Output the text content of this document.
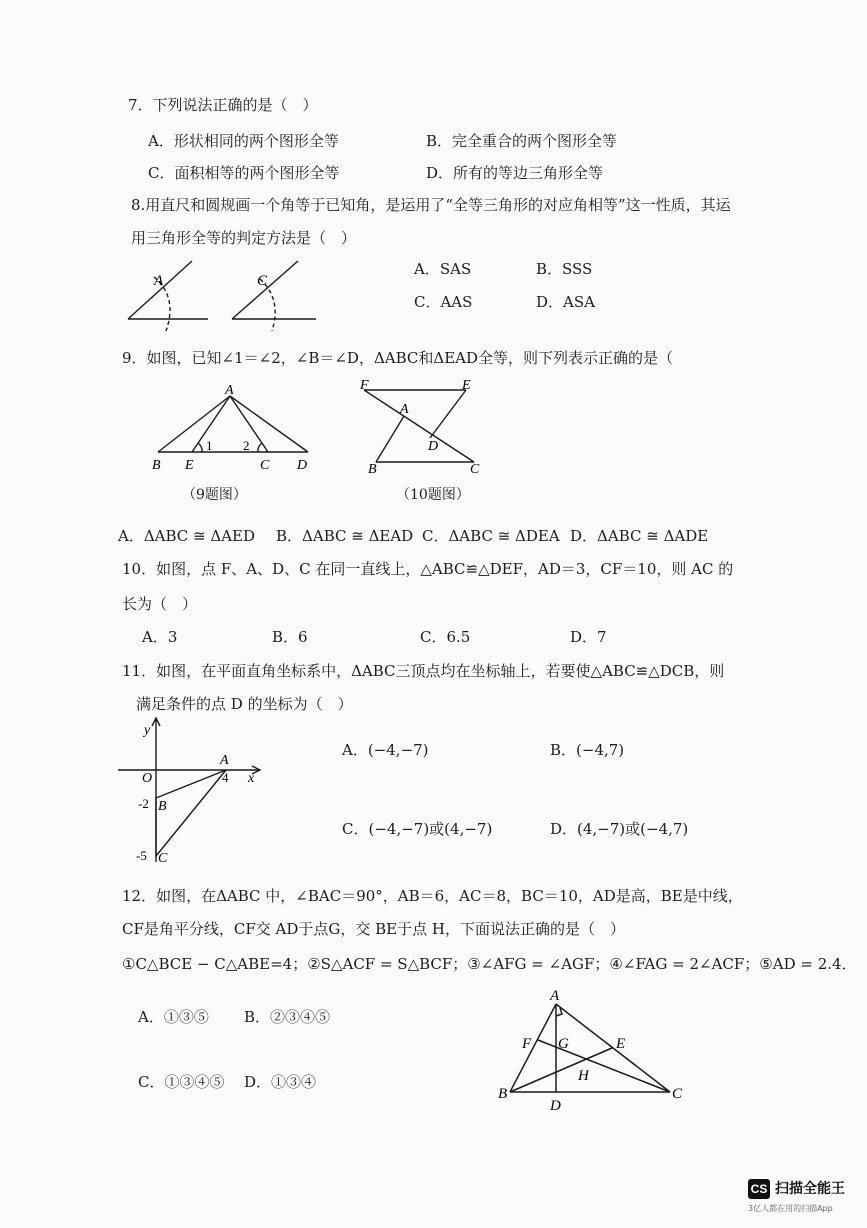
7．下列说法正确的是（　）
A．形状相同的两个图形全等	B．完全重合的两个图形全等
C．面积相等的两个图形全等	D．所有的等边三角形全等
8.用直尺和圆规画一个角等于已知角，是运用了“全等三角形的对应角相等”这一性质，其运
用三角形全等的判定方法是（　）
A	C
A．SAS	B．SSS
C．AAS	D．ASA
9．如图，已知∠1＝∠2，∠B＝∠D，ΔABC和ΔEAD全等，则下列表示正确的是（
A
B E
1 2
C D
（9题图）
F	E
A
D
B	C
（10题图）
A．ΔABC ≅ ΔAED B．ΔABC ≅ ΔEAD C．ΔABC ≅ ΔDEA D．ΔABC ≅ ΔADE
10．如图，点 F、A、D、C 在同一直线上，△ABC≌△DEF，AD＝3，CF＝10，则 AC 的
长为（　）
A．3	B．6	C．6.5	D．7
11．如图，在平面直角坐标系中，ΔABC三顶点均在坐标轴上，若要使△ABC≌△DCB，则
满足条件的点 D 的坐标为（　）
y
x
O
A
4
-2 B
-5 C
A．(−4,−7)	B．(−4,7)
C．(−4,−7)或(4,−7)	D．(4,−7)或(−4,7)
12．如图，在ΔABC 中，∠BAC＝90°，AB＝6，AC＝8，BC＝10，AD是高，BE是中线，
CF是角平分线，CF交 AD于点G，交 BE于点 H，下面说法正确的是（　）
①C△BCE − C△ABE=4；②S△ACF = S△BCF；③∠AFG = ∠AGF；④∠FAG = 2∠ACF；⑤AD = 2.4．
A．①③⑤ B．②③④⑤
C．①③④⑤ D．①③④
A
F G	E
H
B
D
C
CS 扫描全能王
3亿人都在用的扫描App
